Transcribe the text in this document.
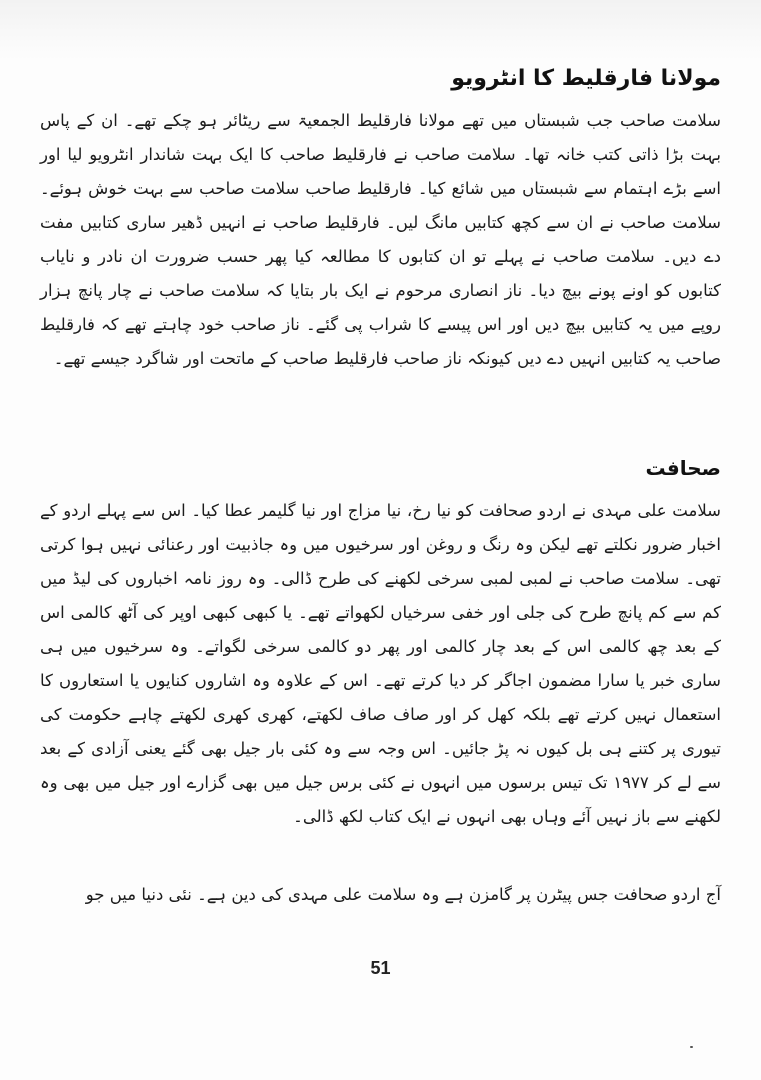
مولانا فارقلیط کا انٹرویو

سلامت صاحب جب شبستاں میں تھے مولانا فارقلیط الجمعیۃ سے ریٹائر ہو چکے تھے۔ ان کے پاس بہت بڑا ذاتی کتب خانہ تھا۔ سلامت صاحب نے فارقلیط صاحب کا ایک بہت شاندار انٹرویو لیا اور اسے بڑے اہتمام سے شبستاں میں شائع کیا۔ فارقلیط صاحب سلامت صاحب سے بہت خوش ہوئے۔ سلامت صاحب نے ان سے کچھ کتابیں مانگ لیں۔ فارقلیط صاحب نے انہیں ڈھیر ساری کتابیں مفت دے دیں۔ سلامت صاحب نے پہلے تو ان کتابوں کا مطالعہ کیا پھر حسب ضرورت ان نادر و نایاب کتابوں کو اونے پونے بیچ دیا۔ ناز انصاری مرحوم نے ایک بار بتایا کہ سلامت صاحب نے چار پانچ ہزار روپے میں یہ کتابیں بیچ دیں اور اس پیسے کا شراب پی گئے۔ ناز صاحب خود چاہتے تھے کہ فارقلیط صاحب یہ کتابیں انہیں دے دیں کیونکہ ناز صاحب فارقلیط صاحب کے ماتحت اور شاگرد جیسے تھے۔

صحافت

سلامت علی مہدی نے اردو صحافت کو نیا رخ، نیا مزاج اور نیا گلیمر عطا کیا۔ اس سے پہلے اردو کے اخبار ضرور نکلتے تھے لیکن وہ رنگ و روغن اور سرخیوں میں وہ جاذبیت اور رعنائی نہیں ہوا کرتی تھی۔ سلامت صاحب نے لمبی لمبی سرخی لکھنے کی طرح ڈالی۔ وہ روز نامہ اخباروں کی لیڈ میں کم سے کم پانچ طرح کی جلی اور خفی سرخیاں لکھواتے تھے۔ یا کبھی کبھی اوپر کی آٹھ کالمی اس کے بعد چھ کالمی اس کے بعد چار کالمی اور پھر دو کالمی سرخی لگواتے۔ وہ سرخیوں میں ہی ساری خبر یا سارا مضمون اجاگر کر دیا کرتے تھے۔ اس کے علاوہ وہ اشاروں کنایوں یا استعاروں کا استعمال نہیں کرتے تھے بلکہ کھل کر اور صاف صاف لکھتے، کھری کھری لکھتے چاہے حکومت کی تیوری پر کتنے ہی بل کیوں نہ پڑ جائیں۔ اس وجہ سے وہ کئی بار جیل بھی گئے یعنی آزادی کے بعد سے لے کر ۱۹۷۷ تک تیس برسوں میں انہوں نے کئی برس جیل میں بھی گزارے اور جیل میں بھی وہ لکھنے سے باز نہیں آئے وہاں بھی انہوں نے ایک کتاب لکھ ڈالی۔

آج اردو صحافت جس پیٹرن پر گامزن ہے وہ سلامت علی مہدی کی دین ہے۔ نئی دنیا میں جو

51
